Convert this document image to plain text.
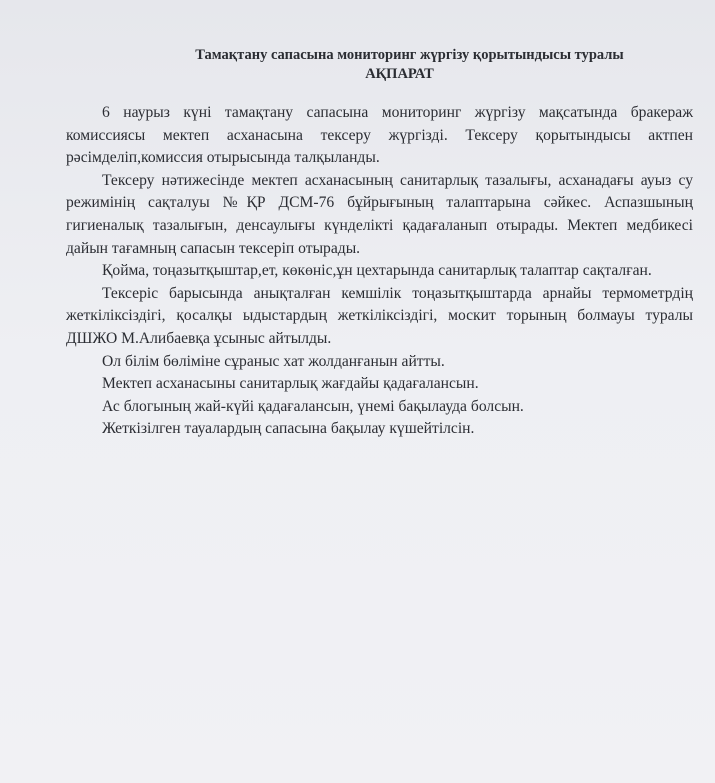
Тамақтану сапасына мониторинг жүргізу қорытындысы туралы

АҚПАРАТ

6 наурыз күні тамақтану сапасына мониторинг жүргізу мақсатында бракераж комиссиясы мектеп асханасына тексеру жүргізді. Тексеру қорытындысы актпен рәсімделіп,комиссия отырысында талқыланды.

Тексеру нәтижесінде мектеп асханасының санитарлық тазалығы, асханадағы ауыз су режимінің сақталуы №ҚР ДСМ-76 бұйрығының талаптарына сәйкес. Аспазшының гигиеналық тазалығын, денсаулығы күнделікті қадағаланып отырады. Мектеп медбикесі дайын тағамның сапасын тексеріп отырады.

Қойма, тоңазытқыштар,ет, көкөніс,ұн цехтарында санитарлық талаптар сақталған.

Тексеріс барысында анықталған кемшілік тоңазытқыштарда арнайы термометрдің жеткіліксіздігі, қосалқы ыдыстардың жеткіліксіздігі, москит торының болмауы туралы ДШЖО М.Алибаевқа ұсыныс айтылды.

Ол білім бөліміне сұраныс хат жолданғанын айтты.

Мектеп асханасыны санитарлық жағдайы қадағалансын.

Ас блогының жай-күйі қадағалансын, үнемі бақылауда болсын.

Жеткізілген тауалардың сапасына бақылау күшейтілсін.
